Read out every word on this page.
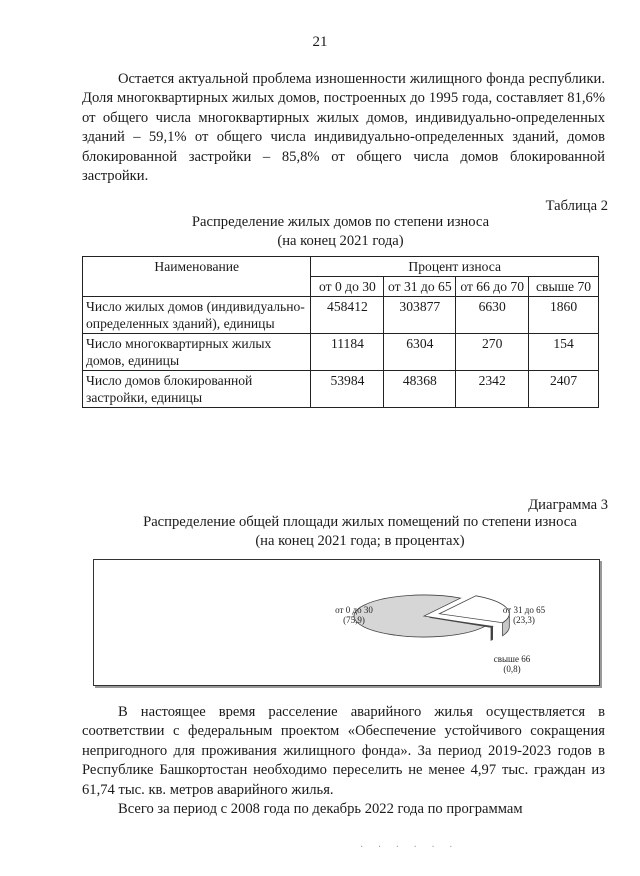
21

Остается актуальной проблема изношенности жилищного фонда республики. Доля многоквартирных жилых домов, построенных до 1995 года, составляет 81,6% от общего числа многоквартирных жилых домов, индивидуально-определенных зданий – 59,1% от общего числа индивидуально-определенных зданий, домов блокированной застройки – 85,8% от общего числа домов блокированной застройки.

Таблица 2
Распределение жилых домов по степени износа
(на конец 2021 года)
Наименование	Процент износа			
	от 0 до 30	от 31 до 65	от 66 до 70	свыше 70
Число жилых домов (индивидуально-определенных зданий), единицы	458412	303877	6630	1860
Число многоквартирных жилых домов, единицы	11184	6304	270	154
Число домов блокированной застройки, единицы	53984	48368	2342	2407
Диаграмма 3
Распределение общей площади жилых помещений по степени износа
(на конец 2021 года; в процентах)
от 0 до 30
(75,9)
от 31 до 65
(23,3)
свыше 66
(0,8)

В настоящее время расселение аварийного жилья осуществляется в соответствии с федеральным проектом «Обеспечение устойчивого сокращения непригодного для проживания жилищного фонда». За период 2019-2023 годов в Республике Башкортостан необходимо переселить не менее 4,97 тыс. граждан из 61,74 тыс. кв. метров аварийного жилья.

Всего за период с 2008 года по декабрь 2022 года по программам

· · · · · ·
